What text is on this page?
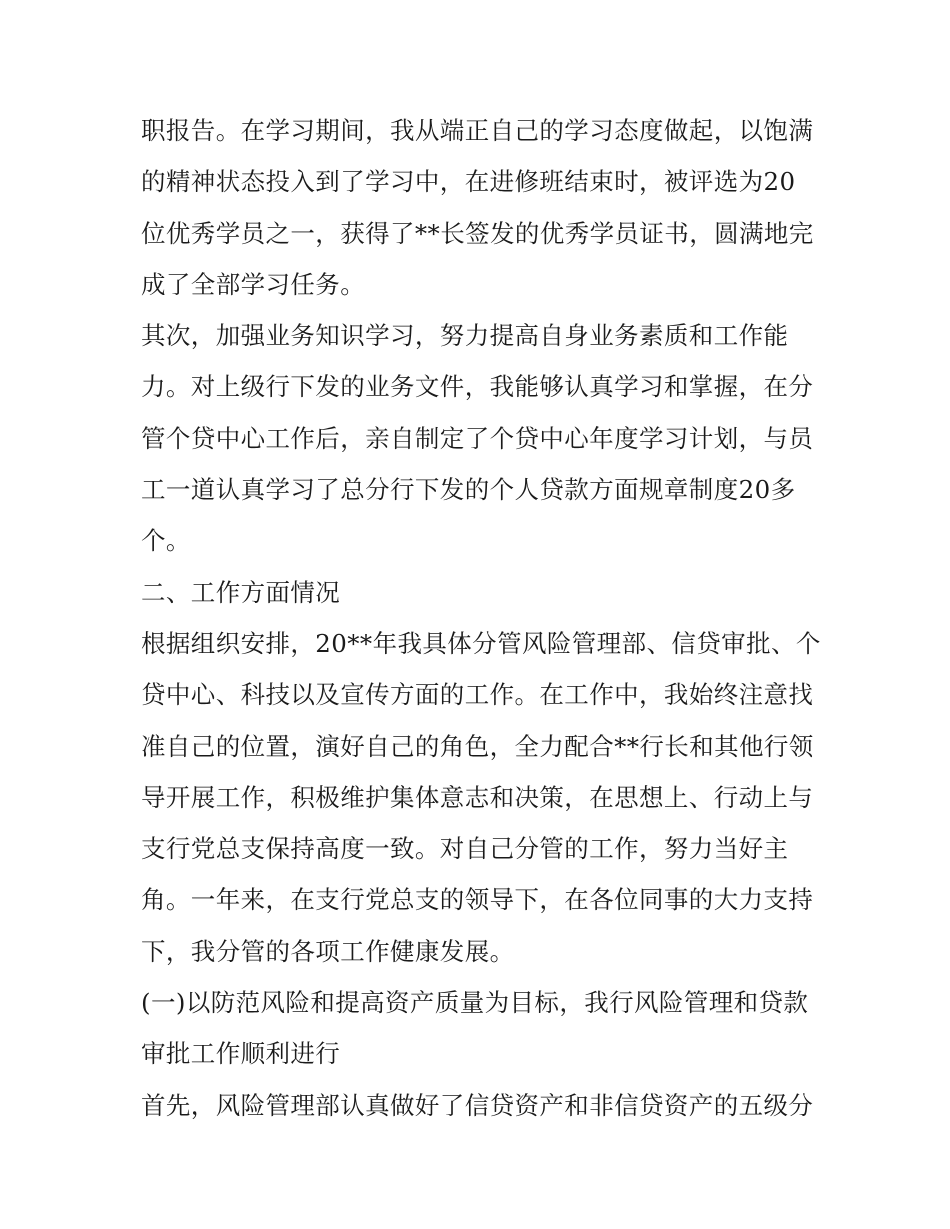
职报告。在学习期间，我从端正自己的学习态度做起，以饱满
的精神状态投入到了学习中，在进修班结束时，被评选为20
位优秀学员之一，获得了**长签发的优秀学员证书，圆满地完
成了全部学习任务。
其次，加强业务知识学习，努力提高自身业务素质和工作能
力。对上级行下发的业务文件，我能够认真学习和掌握，在分
管个贷中心工作后，亲自制定了个贷中心年度学习计划，与员
工一道认真学习了总分行下发的个人贷款方面规章制度20多
个。
二、工作方面情况
根据组织安排，20**年我具体分管风险管理部、信贷审批、个
贷中心、科技以及宣传方面的工作。在工作中，我始终注意找
准自己的位置，演好自己的角色，全力配合**行长和其他行领
导开展工作，积极维护集体意志和决策，在思想上、行动上与
支行党总支保持高度一致。对自己分管的工作，努力当好主
角。一年来，在支行党总支的领导下，在各位同事的大力支持
下，我分管的各项工作健康发展。
(一)以防范风险和提高资产质量为目标，我行风险管理和贷款
审批工作顺利进行
首先，风险管理部认真做好了信贷资产和非信贷资产的五级分
